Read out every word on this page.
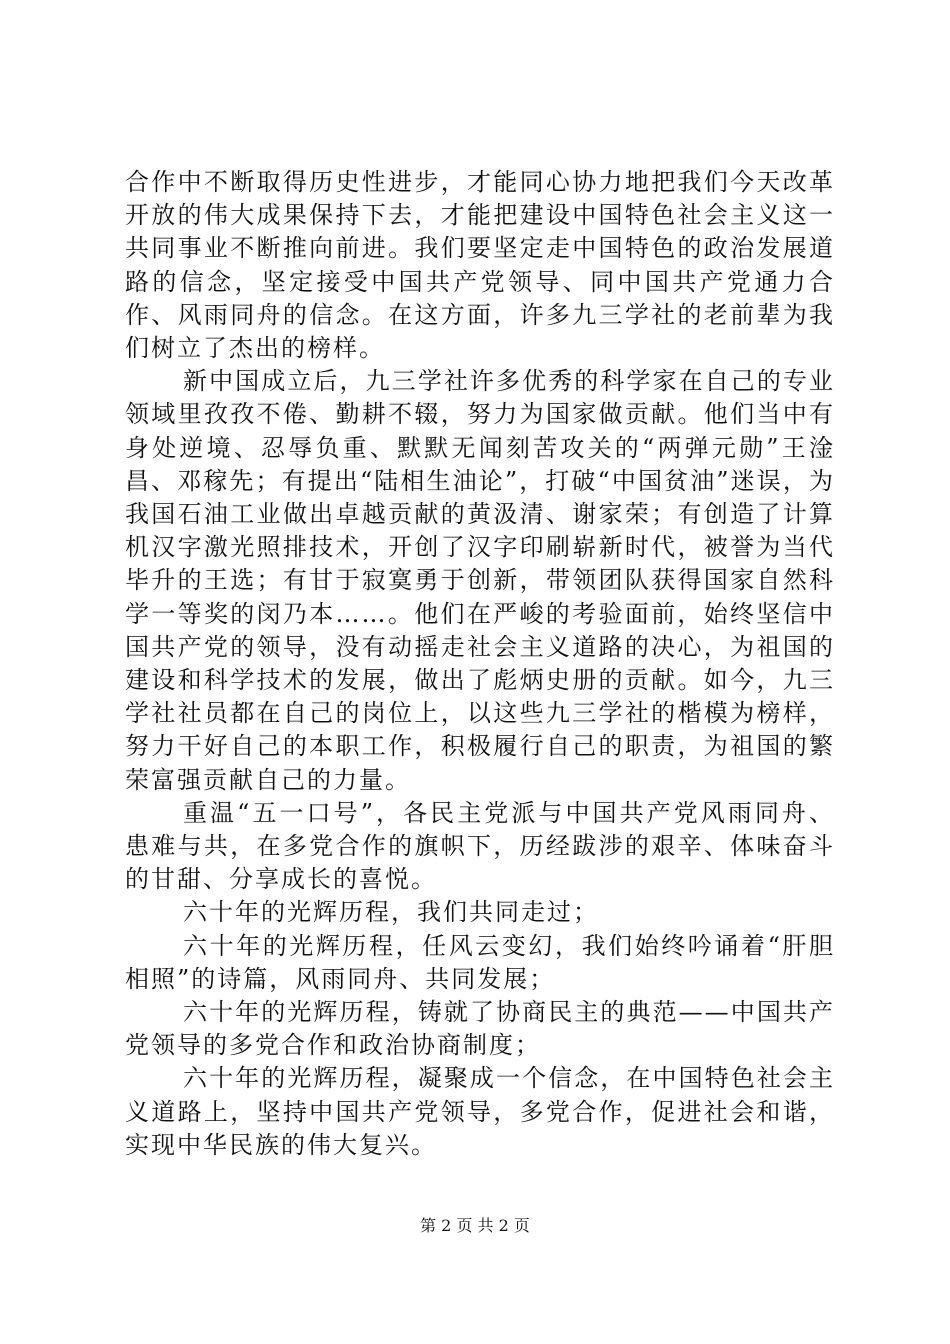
合作中不断取得历史性进步，才能同心协力地把我们今天改革开放的伟大成果保持下去，才能把建设中国特色社会主义这一共同事业不断推向前进。我们要坚定走中国特色的政治发展道路的信念，坚定接受中国共产党领导、同中国共产党通力合作、风雨同舟的信念。在这方面，许多九三学社的老前辈为我们树立了杰出的榜样。

新中国成立后，九三学社许多优秀的科学家在自己的专业领域里孜孜不倦、勤耕不辍，努力为国家做贡献。他们当中有身处逆境、忍辱负重、默默无闻刻苦攻关的“两弹元勋”王淦昌、邓稼先；有提出“陆相生油论”，打破“中国贫油”迷误，为我国石油工业做出卓越贡献的黄汲清、谢家荣；有创造了计算机汉字激光照排技术，开创了汉字印刷崭新时代，被誉为当代毕升的王选；有甘于寂寞勇于创新，带领团队获得国家自然科学一等奖的闵乃本……。他们在严峻的考验面前，始终坚信中国共产党的领导，没有动摇走社会主义道路的决心，为祖国的建设和科学技术的发展，做出了彪炳史册的贡献。如今，九三学社社员都在自己的岗位上，以这些九三学社的楷模为榜样，努力干好自己的本职工作，积极履行自己的职责，为祖国的繁荣富强贡献自己的力量。

重温“五一口号”，各民主党派与中国共产党风雨同舟、患难与共，在多党合作的旗帜下，历经跋涉的艰辛、体味奋斗的甘甜、分享成长的喜悦。

六十年的光辉历程，我们共同走过；

六十年的光辉历程，任风云变幻，我们始终吟诵着“肝胆相照”的诗篇，风雨同舟、共同发展；

六十年的光辉历程，铸就了协商民主的典范——中国共产党领导的多党合作和政治协商制度；

六十年的光辉历程，凝聚成一个信念，在中国特色社会主义道路上，坚持中国共产党领导，多党合作，促进社会和谐，实现中华民族的伟大复兴。

第 2 页 共 2 页
